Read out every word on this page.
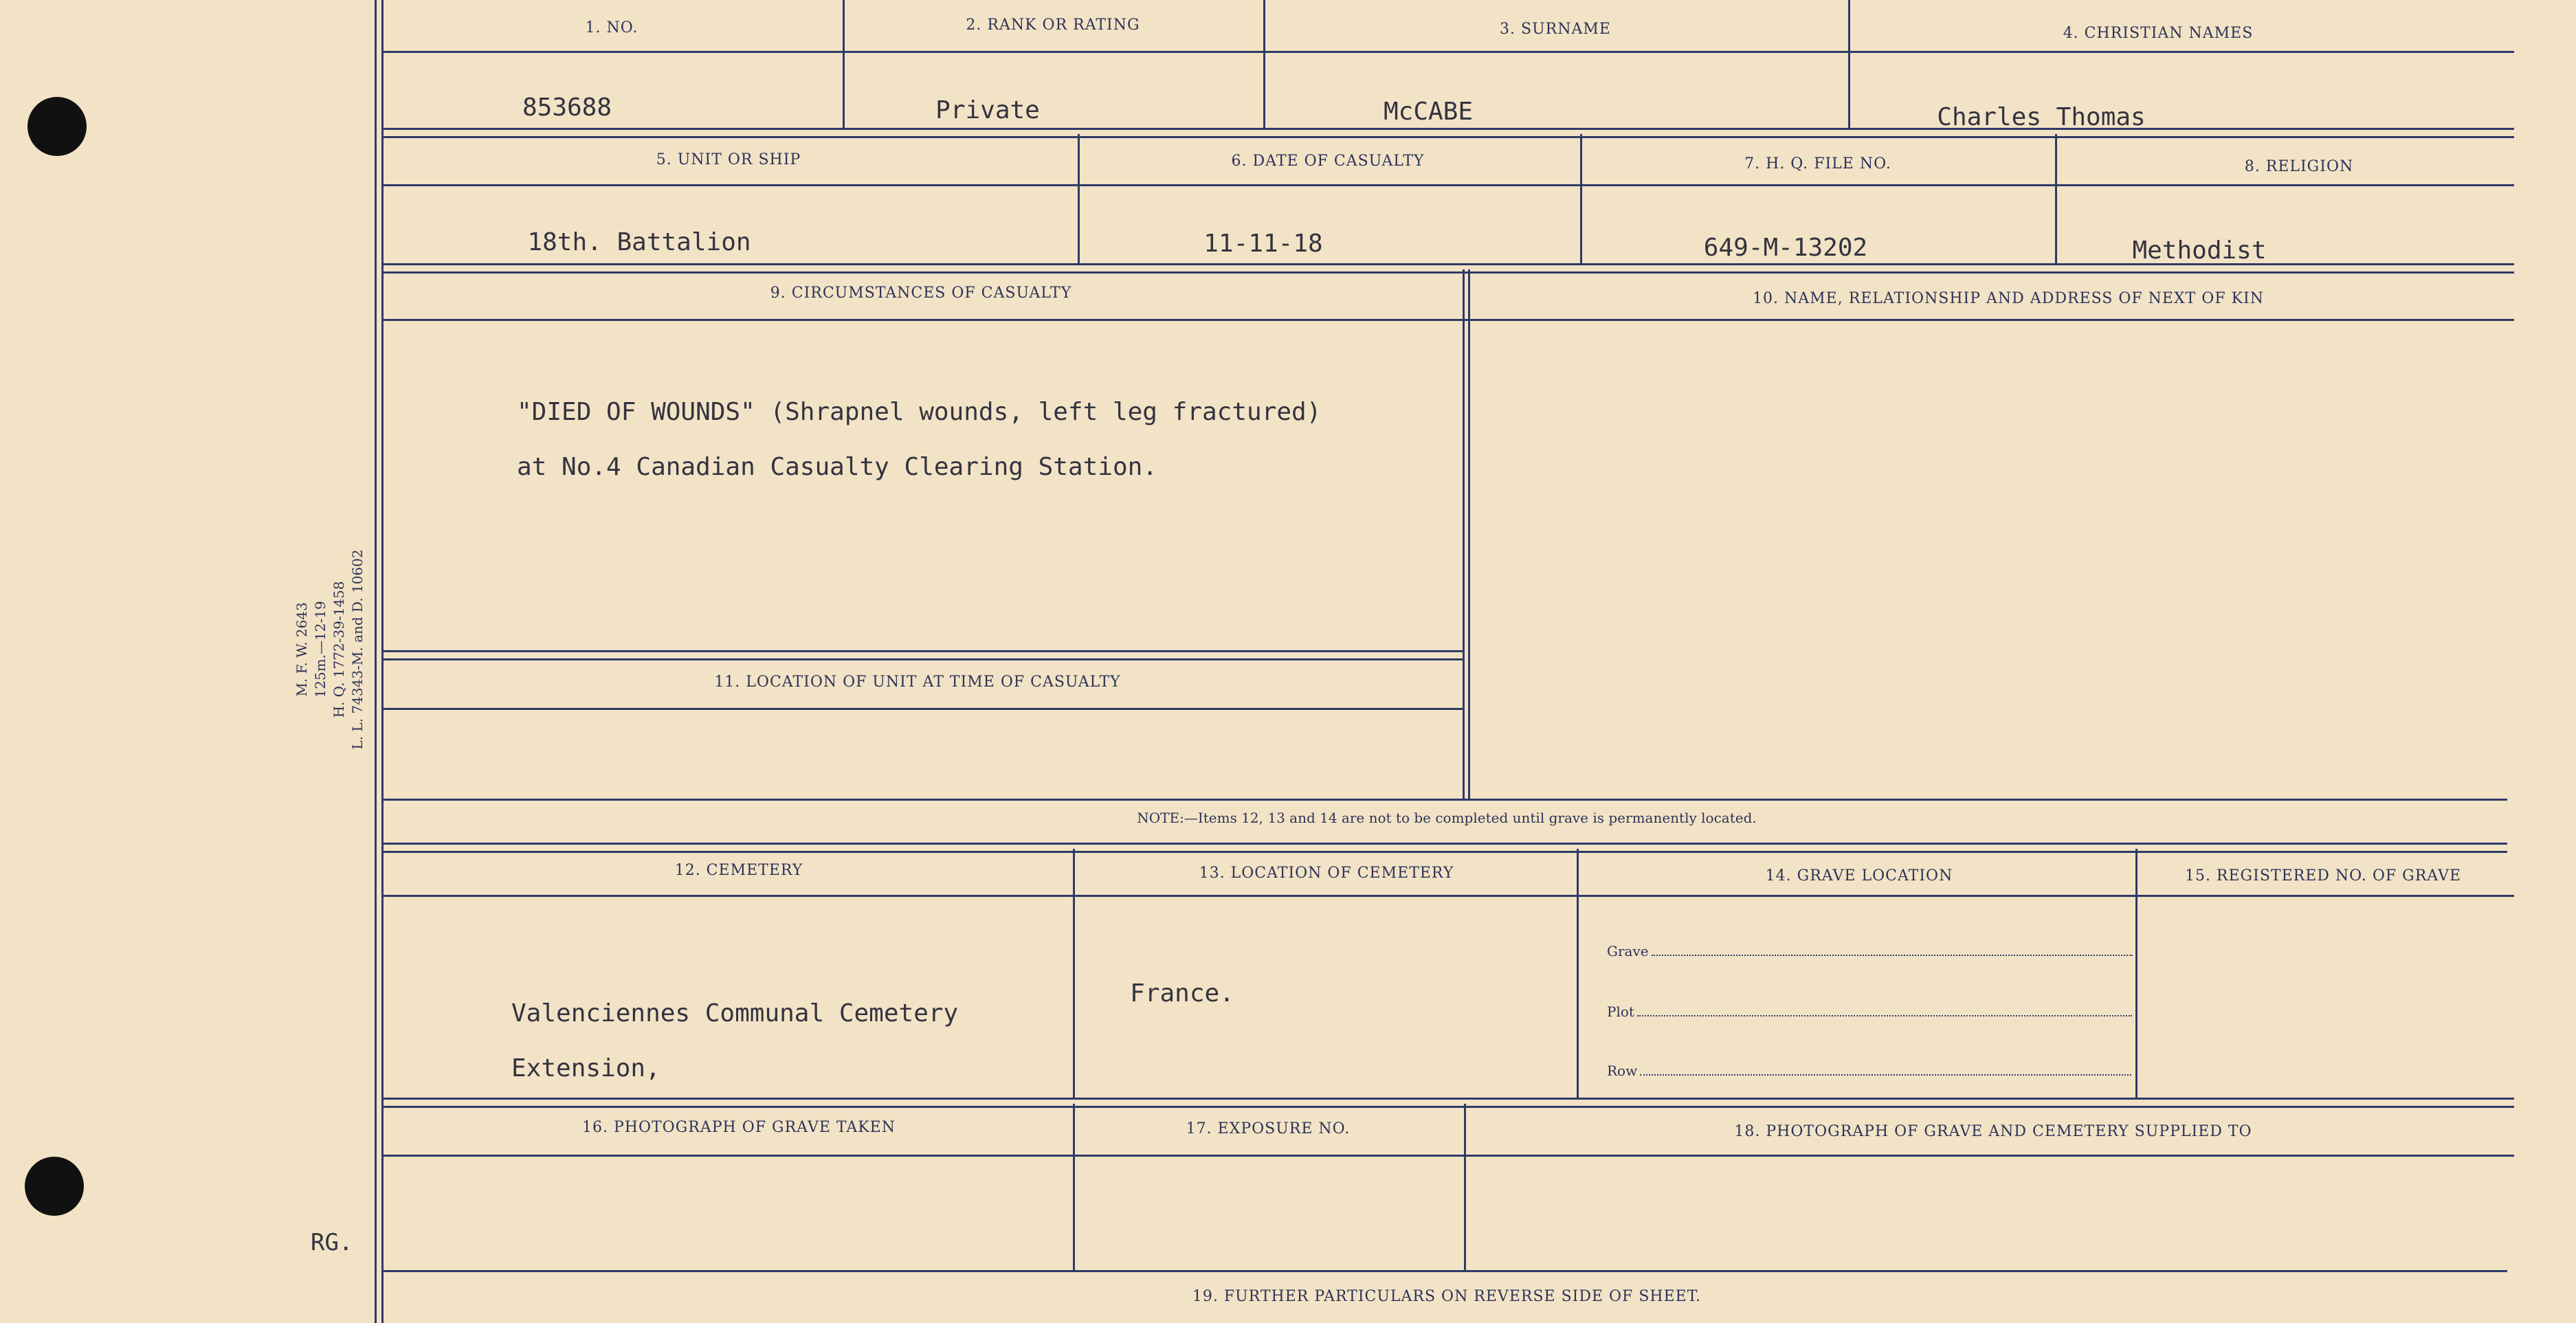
M. F. W. 2643 125m.—12-19 H. Q. 1772-39-1458 L. L. 74343-M. and D. 10602
RG.
1. NO.
853688
2. RANK OR RATING
Private
3. SURNAME
McCABE
4. CHRISTIAN NAMES
Charles Thomas
5. UNIT OR SHIP
18th. Battalion
6. DATE OF CASUALTY
11-11-18
7. H. Q. FILE NO.
649-M-13202
8. RELIGION
Methodist
9. CIRCUMSTANCES OF CASUALTY

"DIED OF WOUNDS" (Shrapnel wounds, left leg fractured)

at No.4 Canadian Casualty Clearing Station.

10. NAME, RELATIONSHIP AND ADDRESS OF NEXT OF KIN
11. LOCATION OF UNIT AT TIME OF CASUALTY
NOTE:—Items 12, 13 and 14 are not to be completed until grave is permanently located.
12. CEMETERY

Valenciennes Communal Cemetery

Extension,

13. LOCATION OF CEMETERY
France.
14. GRAVE LOCATION
Grave
Plot
Row
15. REGISTERED NO. OF GRAVE
16. PHOTOGRAPH OF GRAVE TAKEN	17. EXPOSURE NO.	18. PHOTOGRAPH OF GRAVE AND CEMETERY SUPPLIED TO
19. FURTHER PARTICULARS ON REVERSE SIDE OF SHEET.
